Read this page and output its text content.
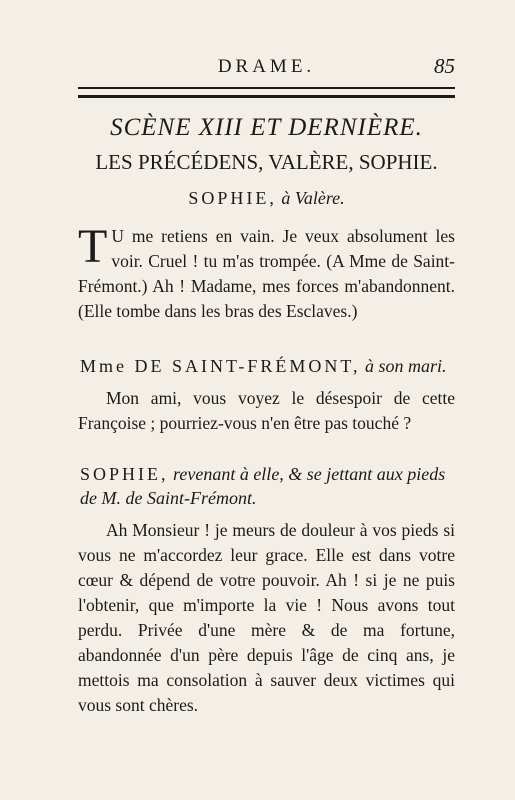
DRAME.	85
SCÈNE XIII ET DERNIÈRE.
LES PRÉCÉDENS, VALÈRE, SOPHIE.
SOPHIE, à Valère.
T U me retiens en vain. Je veux absolument les voir. Cruel ! tu m'as trompée. (A Mme de Saint-Frémont.) Ah ! Madame, mes forces m'abandonnent. (Elle tombe dans les bras des Esclaves.)
Mme DE SAINT-FRÉMONT, à son mari.
Mon ami, vous voyez le désespoir de cette Françoise ; pourriez-vous n'en être pas touché ?
SOPHIE, revenant à elle, & se jettant aux pieds de M. de Saint-Frémont.
Ah Monsieur ! je meurs de douleur à vos pieds si vous ne m'accordez leur grace. Elle est dans votre cœur & dépend de votre pouvoir. Ah ! si je ne puis l'obtenir, que m'importe la vie ! Nous avons tout perdu. Privée d'une mère & de ma fortune, abandonnée d'un père depuis l'âge de cinq ans, je mettois ma consolation à sauver deux victimes qui vous sont chères.
